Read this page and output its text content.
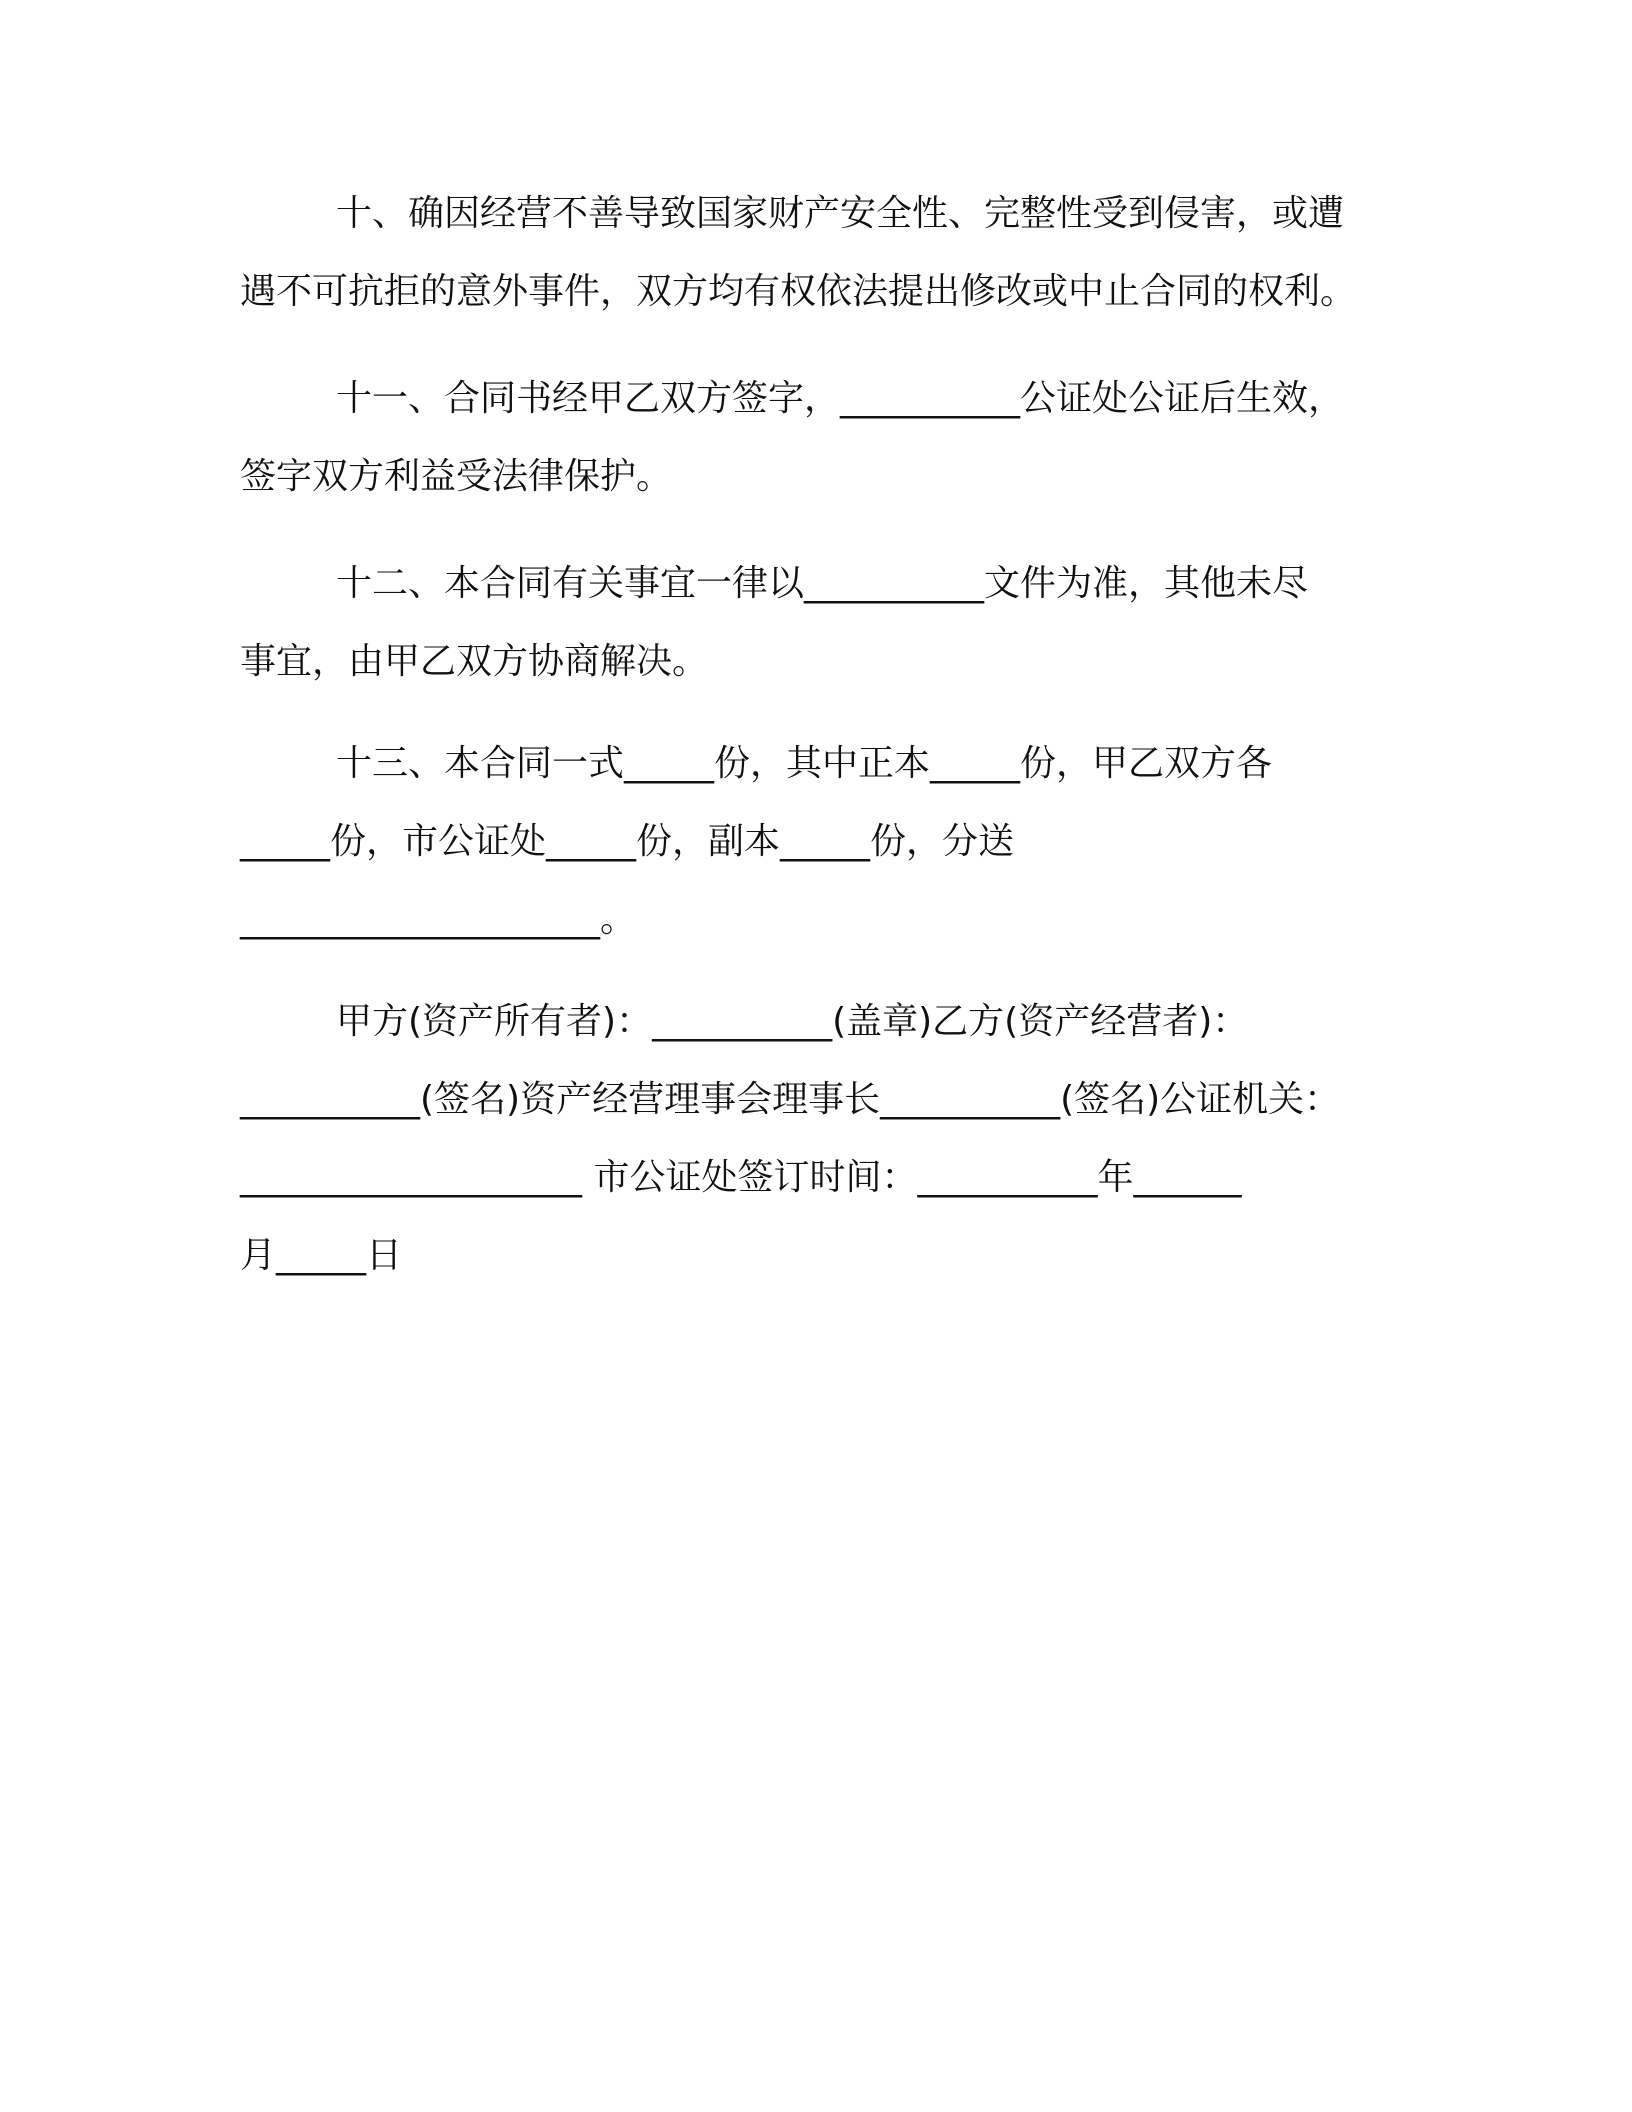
十、确因经营不善导致国家财产安全性、完整性受到侵害，或遭
遇不可抗拒的意外事件，双方均有权依法提出修改或中止合同的权利。
十一、合同书经甲乙双方签字，__________公证处公证后生效，
签字双方利益受法律保护。
十二、本合同有关事宜一律以__________文件为准，其他未尽
事宜，由甲乙双方协商解决。
十三、本合同一式_____份，其中正本_____份，甲乙双方各
_____份，市公证处_____份，副本_____份，分送
____________________。
甲方(资产所有者)：__________(盖章)乙方(资产经营者)：
__________(签名)资产经营理事会理事长__________(签名)公证机关：
___________________ 市公证处签订时间：__________年______
月_____日
